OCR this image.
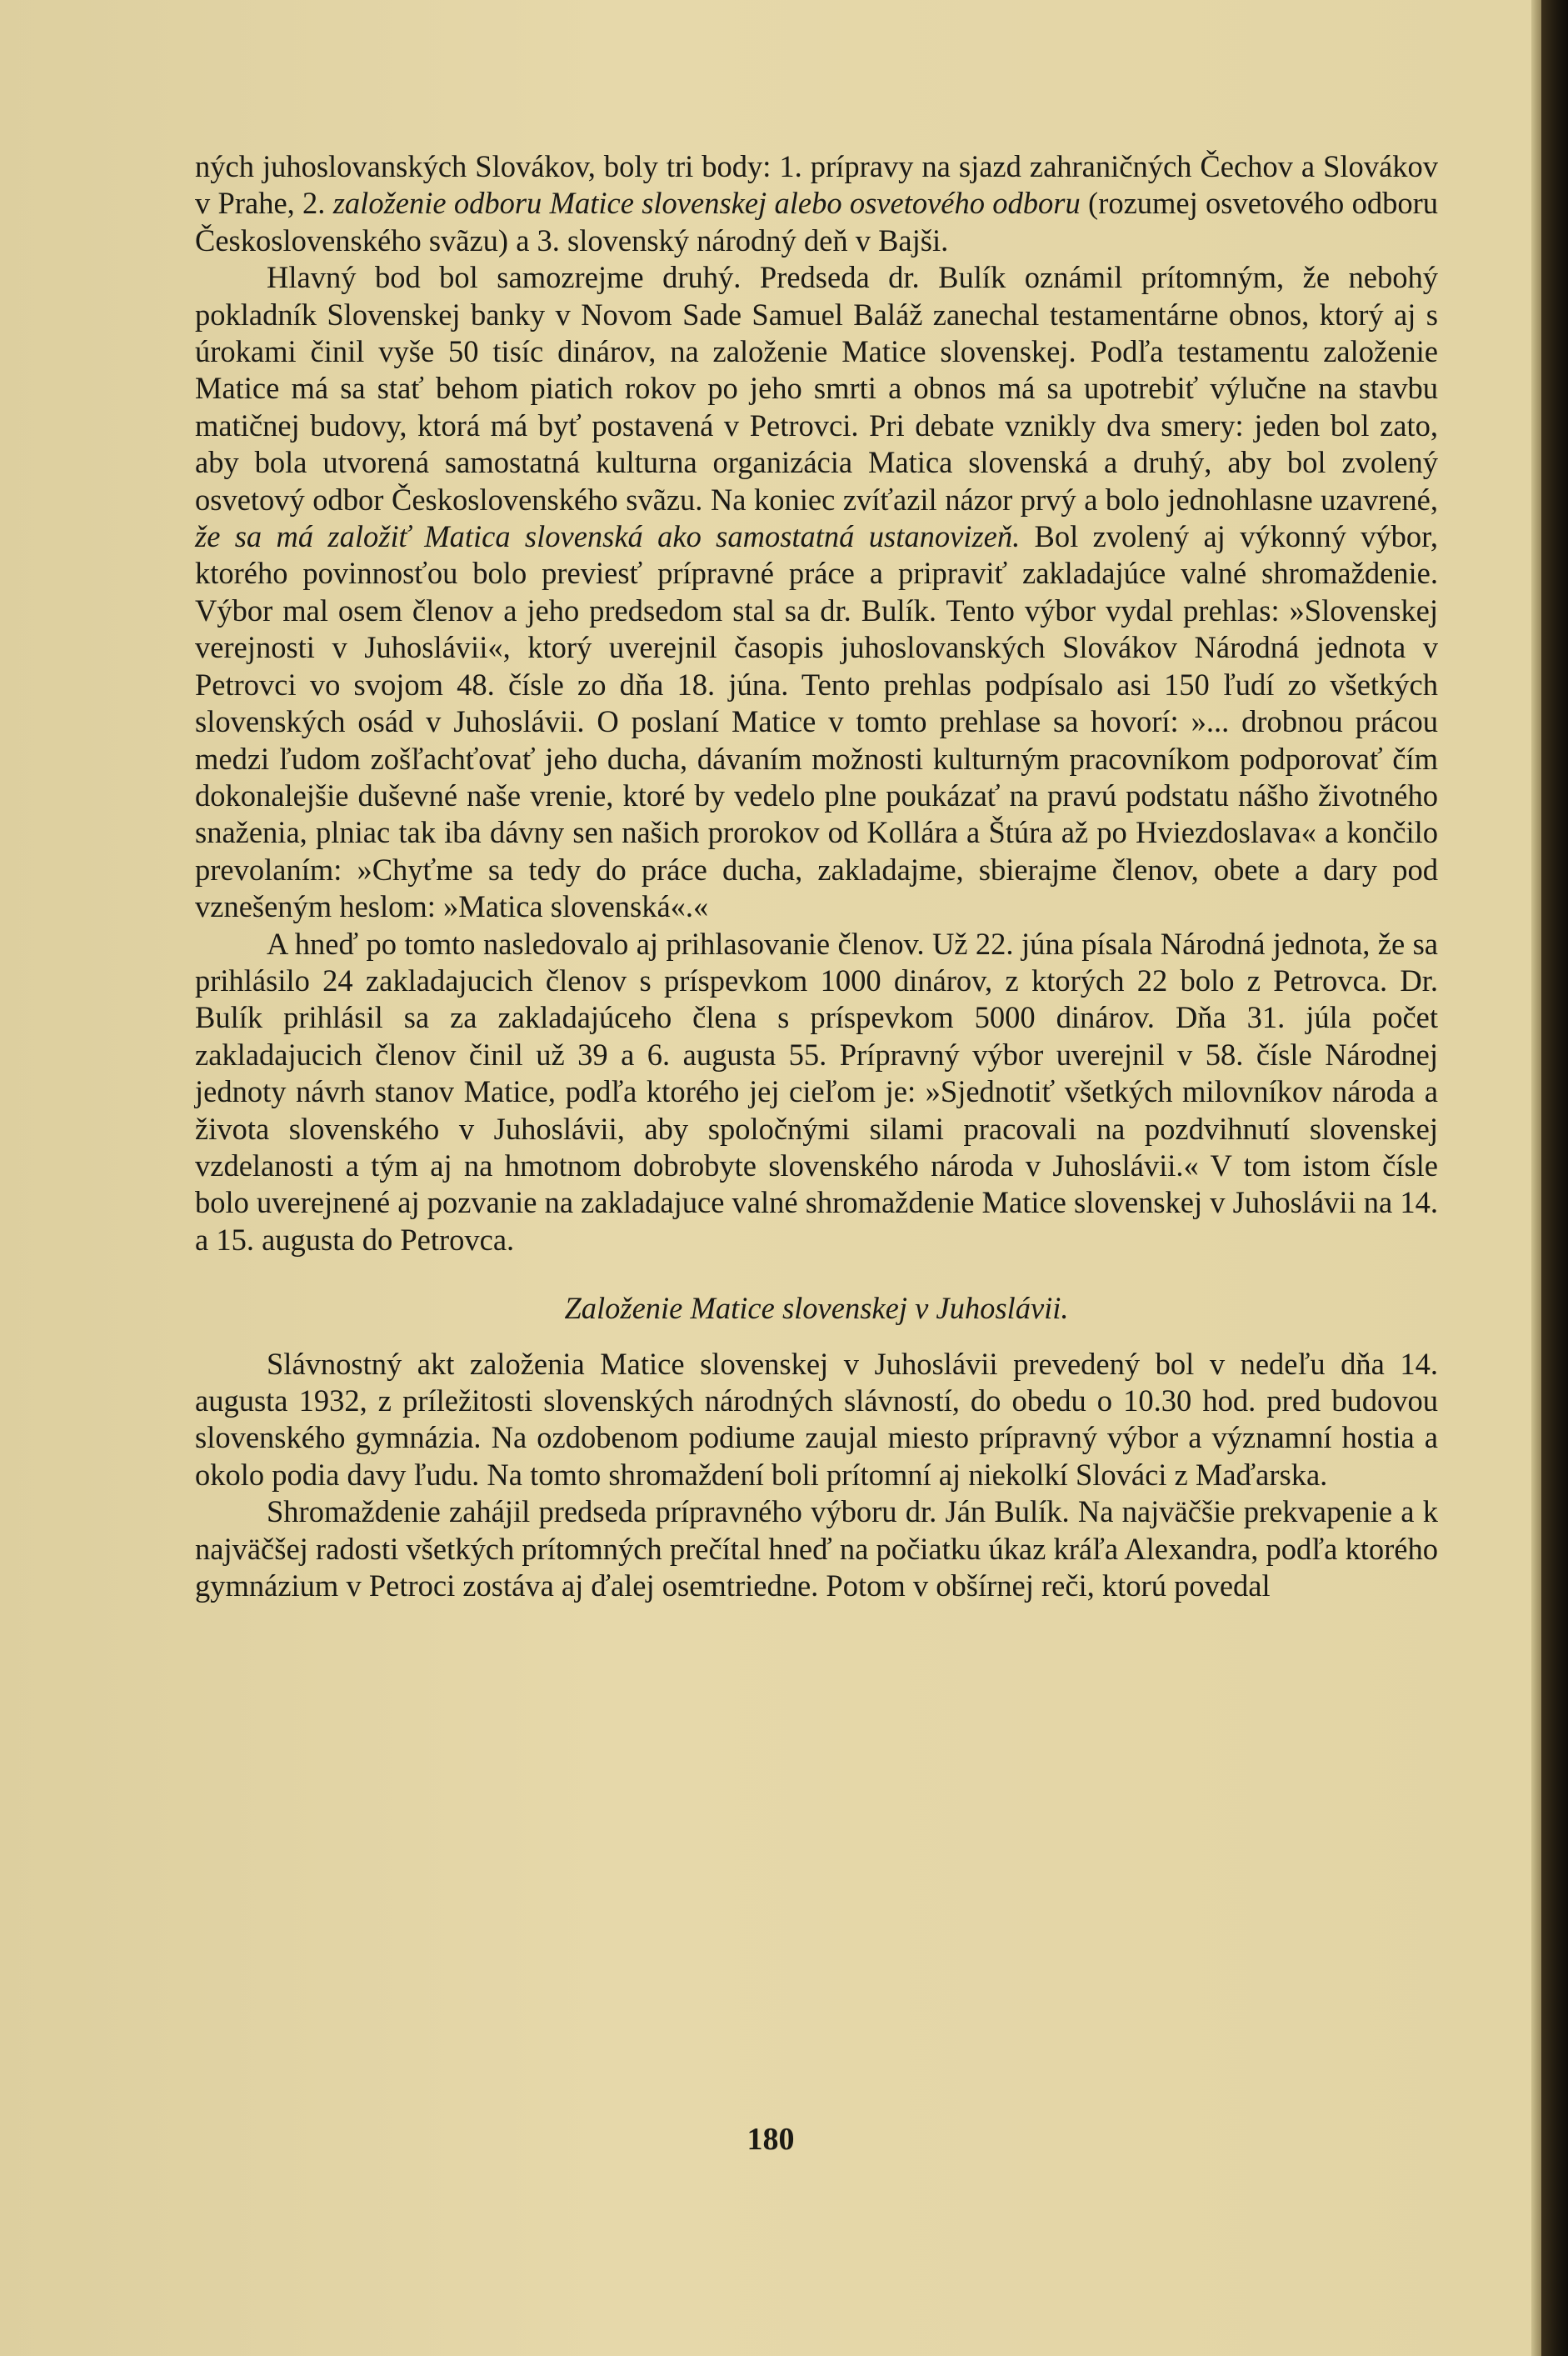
ných juhoslovanských Slovákov, boly tri body: 1. prípravy na sjazd zahraničných Čechov a Slovákov v Prahe, 2. založenie odboru Matice slovenskej alebo osvetového odboru (rozumej osvetového odboru Československého svãzu) a 3. slovenský národný deň v Bajši.

Hlavný bod bol samozrejme druhý. Predseda dr. Bulík oznámil prítomným, že nebohý pokladník Slovenskej banky v Novom Sade Samuel Baláž zanechal testamentárne obnos, ktorý aj s úrokami činil vyše 50 tisíc dinárov, na založenie Matice slovenskej. Podľa testamentu založenie Matice má sa stať behom piatich rokov po jeho smrti a obnos má sa upotrebiť výlučne na stavbu matičnej budovy, ktorá má byť postavená v Petrovci. Pri debate vznikly dva smery: jeden bol zato, aby bola utvorená samostatná kulturna organizácia Matica slovenská a druhý, aby bol zvolený osvetový odbor Československého svãzu. Na koniec zvíťazil názor prvý a bolo jednohlasne uzavrené, že sa má založiť Matica slovenská ako samostatná ustanovizeň. Bol zvolený aj výkonný výbor, ktorého povinnosťou bolo previesť prípravné práce a pripraviť zakladajúce valné shromaždenie. Výbor mal osem členov a jeho predsedom stal sa dr. Bulík. Tento výbor vydal prehlas: »Slovenskej verejnosti v Juhoslávii«, ktorý uverejnil časopis juhoslovanských Slovákov Národná jednota v Petrovci vo svojom 48. čísle zo dňa 18. júna. Tento prehlas podpísalo asi 150 ľudí zo všetkých slovenských osád v Juhoslávii. O poslaní Matice v tomto prehlase sa hovorí: »... drobnou prácou medzi ľudom zošľachťovať jeho ducha, dávaním možnosti kulturným pracovníkom podporovať čím dokonalejšie duševné naše vrenie, ktoré by vedelo plne poukázať na pravú podstatu nášho životného snaženia, plniac tak iba dávny sen našich prorokov od Kollára a Štúra až po Hviezdoslava« a končilo prevolaním: »Chyťme sa tedy do práce ducha, zakladajme, sbierajme členov, obete a dary pod vznešeným heslom: »Matica slovenská«.«

A hneď po tomto nasledovalo aj prihlasovanie členov. Už 22. júna písala Národná jednota, že sa prihlásilo 24 zakladajucich členov s príspevkom 1000 dinárov, z ktorých 22 bolo z Petrovca. Dr. Bulík prihlásil sa za zakladajúceho člena s príspevkom 5000 dinárov. Dňa 31. júla počet zakladajucich členov činil už 39 a 6. augusta 55. Prípravný výbor uverejnil v 58. čísle Národnej jednoty návrh stanov Matice, podľa ktorého jej cieľom je: »Sjednotiť všetkých milovníkov národa a života slovenského v Juhoslávii, aby spoločnými silami pracovali na pozdvihnutí slovenskej vzdelanosti a tým aj na hmotnom dobrobyte slovenského národa v Juhoslávii.« V tom istom čísle bolo uverejnené aj pozvanie na zakladajuce valné shromaždenie Matice slovenskej v Juhoslávii na 14. a 15. augusta do Petrovca.

Založenie Matice slovenskej v Juhoslávii.

Slávnostný akt založenia Matice slovenskej v Juhoslávii prevedený bol v nedeľu dňa 14. augusta 1932, z príležitosti slovenských národných slávností, do obedu o 10.30 hod. pred budovou slovenského gymnázia. Na ozdobenom podiume zaujal miesto prípravný výbor a významní hostia a okolo podia davy ľudu. Na tomto shromaždení boli prítomní aj niekolkí Slováci z Maďarska.

Shromaždenie zahájil predseda prípravného výboru dr. Ján Bulík. Na najväčšie prekvapenie a k najväčšej radosti všetkých prítomných prečítal hneď na počiatku úkaz kráľa Alexandra, podľa ktorého gymnázium v Petroci zostáva aj ďalej osemtriedne. Potom v obšírnej reči, ktorú povedal

180
